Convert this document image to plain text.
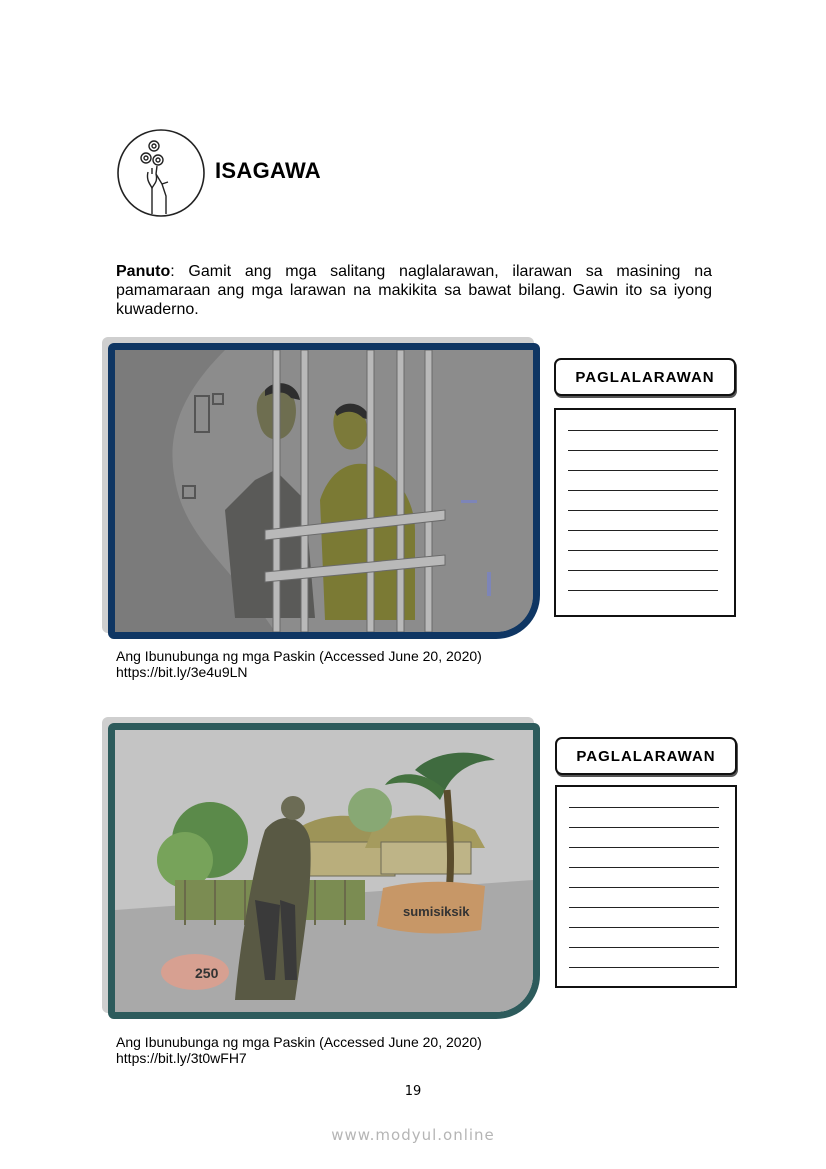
ISAGAWA
Panuto: Gamit ang mga salitang naglalarawan, ilarawan sa masining na pamamaraan ang mga larawan na makikita sa bawat bilang. Gawin ito sa iyong kuwaderno.
PAGLALARAWAN
Ang Ibunubunga ng mga Paskin (Accessed June 20, 2020)
https://bit.ly/3e4u9LN
sumisiksik
250
PAGLALARAWAN
Ang Ibunubunga ng mga Paskin (Accessed June 20, 2020)
https://bit.ly/3t0wFH7
19
www.modyul.online
